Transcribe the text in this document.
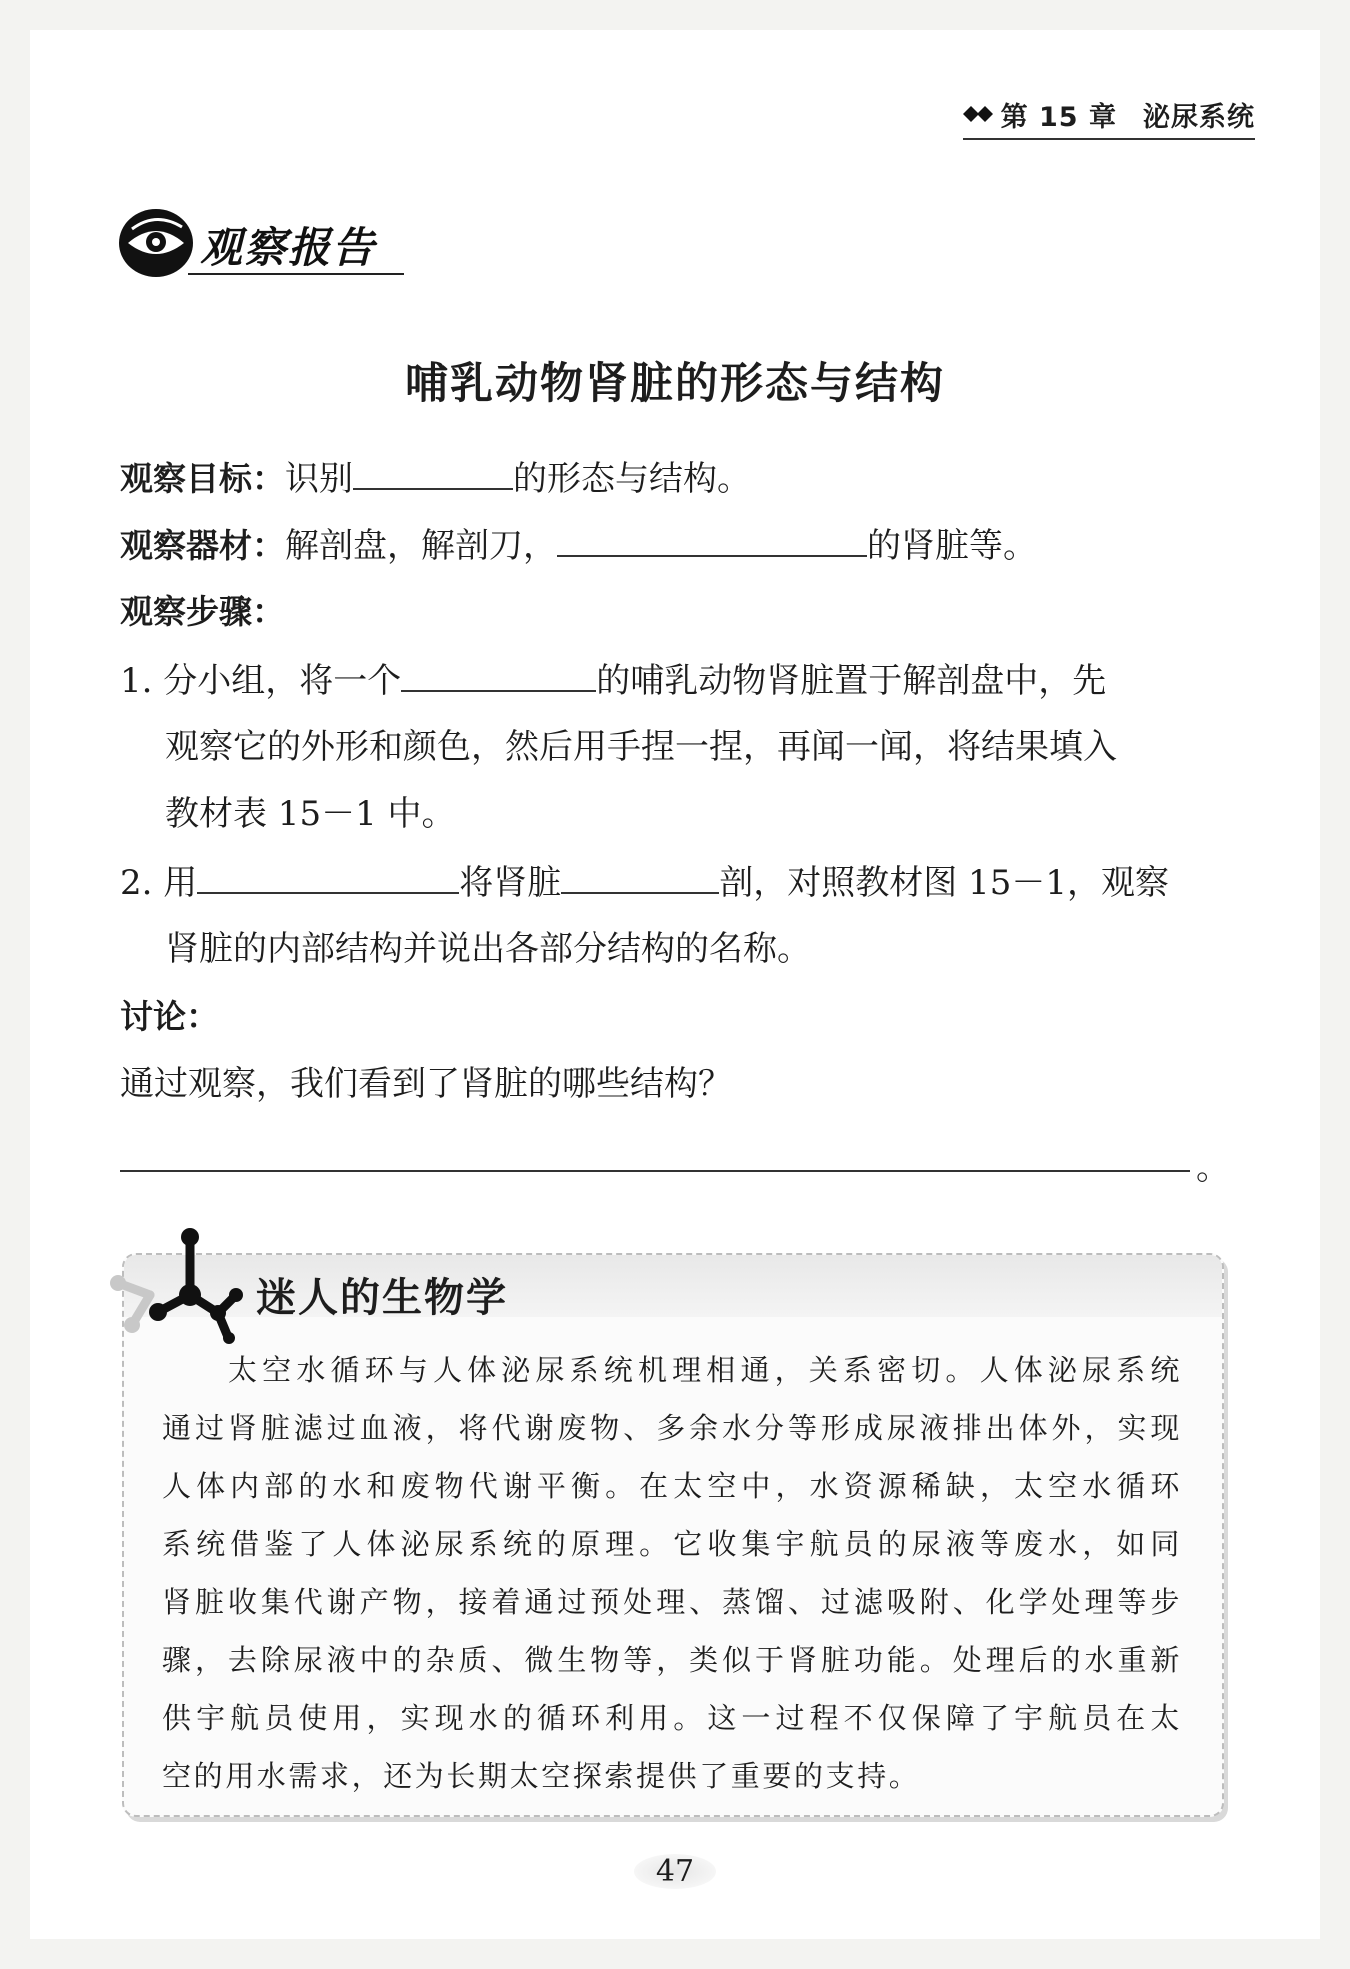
第 15 章 泌尿系统
观察报告
哺乳动物肾脏的形态与结构
观察目标：识别	的形态与结构。
观察器材：解剖盘，解剖刀，	的肾脏等。
观察步骤：
1. 分小组，将一个	的哺乳动物肾脏置于解剖盘中，先
观察它的外形和颜色，然后用手捏一捏，再闻一闻，将结果填入
教材表 15－1 中。
2. 用	将肾脏	剖，对照教材图 15－1，观察
肾脏的内部结构并说出各部分结构的名称。
讨论：
通过观察，我们看到了肾脏的哪些结构？
。
迷人的生物学
太空水循环与人体泌尿系统机理相通，关系密切。人体泌尿系统
通过肾脏滤过血液，将代谢废物、多余水分等形成尿液排出体外，实现
人体内部的水和废物代谢平衡。在太空中，水资源稀缺，太空水循环
系统借鉴了人体泌尿系统的原理。它收集宇航员的尿液等废水，如同
肾脏收集代谢产物，接着通过预处理、蒸馏、过滤吸附、化学处理等步
骤，去除尿液中的杂质、微生物等，类似于肾脏功能。处理后的水重新
供宇航员使用，实现水的循环利用。这一过程不仅保障了宇航员在太
空的用水需求，还为长期太空探索提供了重要的支持。
47
